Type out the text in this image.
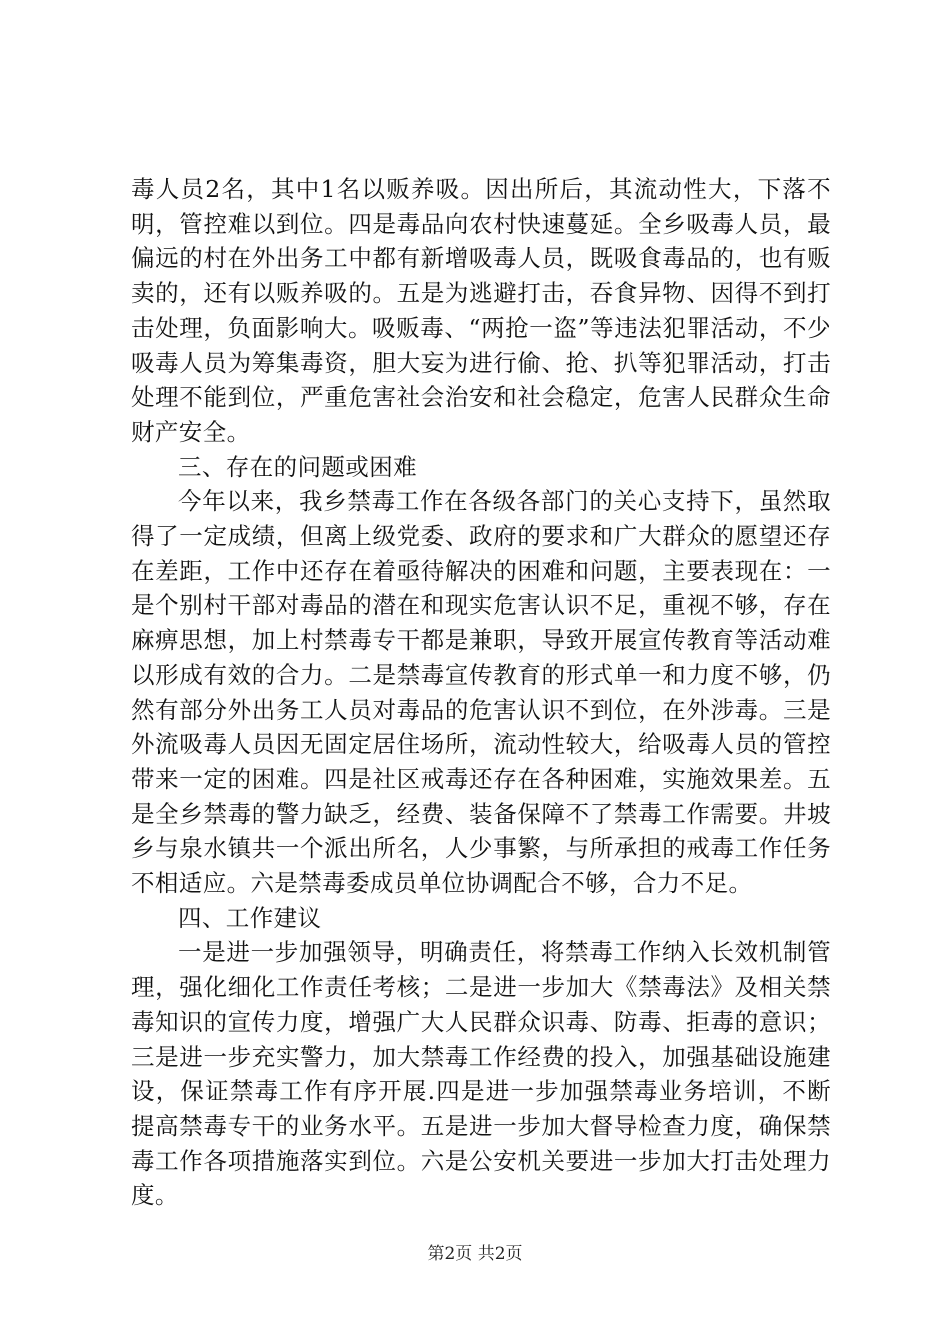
毒人员2名，其中1名以贩养吸。因出所后，其流动性大，下落不明，管控难以到位。四是毒品向农村快速蔓延。全乡吸毒人员，最偏远的村在外出务工中都有新增吸毒人员，既吸食毒品的，也有贩卖的，还有以贩养吸的。五是为逃避打击，吞食异物、因得不到打击处理，负面影响大。吸贩毒、“两抢一盗”等违法犯罪活动，不少吸毒人员为筹集毒资，胆大妄为进行偷、抢、扒等犯罪活动，打击处理不能到位，严重危害社会治安和社会稳定，危害人民群众生命财产安全。

三、存在的问题或困难

今年以来，我乡禁毒工作在各级各部门的关心支持下，虽然取得了一定成绩，但离上级党委、政府的要求和广大群众的愿望还存在差距，工作中还存在着亟待解决的困难和问题，主要表现在：一是个别村干部对毒品的潜在和现实危害认识不足，重视不够，存在麻痹思想，加上村禁毒专干都是兼职，导致开展宣传教育等活动难以形成有效的合力。二是禁毒宣传教育的形式单一和力度不够，仍然有部分外出务工人员对毒品的危害认识不到位，在外涉毒。三是外流吸毒人员因无固定居住场所，流动性较大，给吸毒人员的管控带来一定的困难。四是社区戒毒还存在各种困难，实施效果差。五是全乡禁毒的警力缺乏，经费、装备保障不了禁毒工作需要。井坡乡与泉水镇共一个派出所名，人少事繁，与所承担的戒毒工作任务不相适应。六是禁毒委成员单位协调配合不够，合力不足。

四、工作建议

一是进一步加强领导，明确责任，将禁毒工作纳入长效机制管理，强化细化工作责任考核；二是进一步加大《禁毒法》及相关禁毒知识的宣传力度，增强广大人民群众识毒、防毒、拒毒的意识；三是进一步充实警力，加大禁毒工作经费的投入，加强基础设施建设，保证禁毒工作有序开展.四是进一步加强禁毒业务培训，不断提高禁毒专干的业务水平。五是进一步加大督导检查力度，确保禁毒工作各项措施落实到位。六是公安机关要进一步加大打击处理力度。

第2页 共2页
